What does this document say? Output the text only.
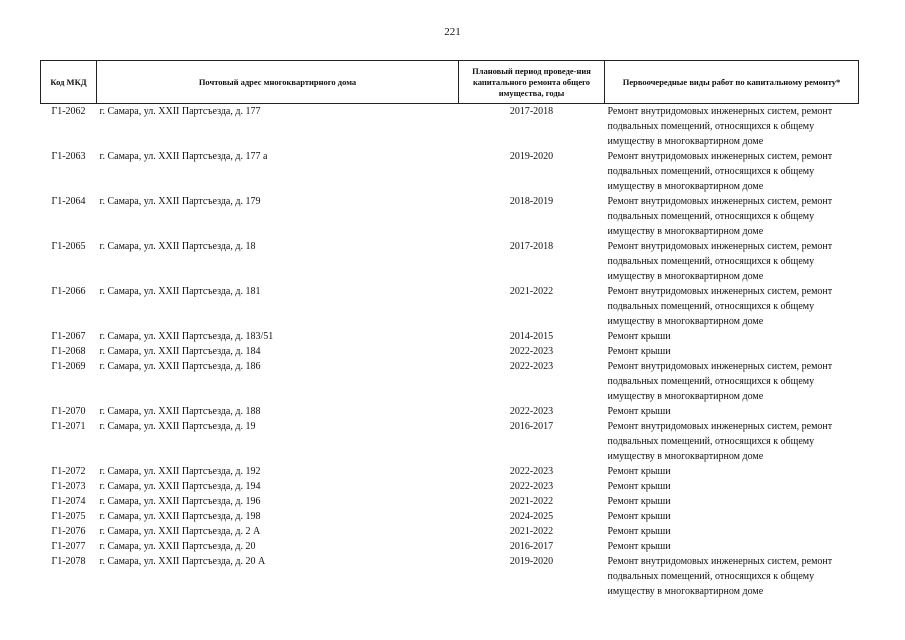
221
Код МКД	Почтовый адрес многоквартирного дома	Плановый период проведе-ния капитального ремонта общего имущества, годы	Первоочередные виды работ по капитальному ремонту*
Г1-2062	г. Самара, ул. XXII Партсъезда, д. 177	2017-2018	Ремонт внутридомовых инженерных систем, ремонт подвальных помещений, относящихся к общему имуществу в многоквартирном доме
Г1-2063	г. Самара, ул. XXII Партсъезда, д. 177 а	2019-2020	Ремонт внутридомовых инженерных систем, ремонт подвальных помещений, относящихся к общему имуществу в многоквартирном доме
Г1-2064	г. Самара, ул. XXII Партсъезда, д. 179	2018-2019	Ремонт внутридомовых инженерных систем, ремонт подвальных помещений, относящихся к общему имуществу в многоквартирном доме
Г1-2065	г. Самара, ул. XXII Партсъезда, д. 18	2017-2018	Ремонт внутридомовых инженерных систем, ремонт подвальных помещений, относящихся к общему имуществу в многоквартирном доме
Г1-2066	г. Самара, ул. XXII Партсъезда, д. 181	2021-2022	Ремонт внутридомовых инженерных систем, ремонт подвальных помещений, относящихся к общему имуществу в многоквартирном доме
Г1-2067	г. Самара, ул. XXII Партсъезда, д. 183/51	2014-2015	Ремонт крыши
Г1-2068	г. Самара, ул. XXII Партсъезда, д. 184	2022-2023	Ремонт крыши
Г1-2069	г. Самара, ул. XXII Партсъезда, д. 186	2022-2023	Ремонт внутридомовых инженерных систем, ремонт подвальных помещений, относящихся к общему имуществу в многоквартирном доме
Г1-2070	г. Самара, ул. XXII Партсъезда, д. 188	2022-2023	Ремонт крыши
Г1-2071	г. Самара, ул. XXII Партсъезда, д. 19	2016-2017	Ремонт внутридомовых инженерных систем, ремонт подвальных помещений, относящихся к общему имуществу в многоквартирном доме
Г1-2072	г. Самара, ул. XXII Партсъезда, д. 192	2022-2023	Ремонт крыши
Г1-2073	г. Самара, ул. XXII Партсъезда, д. 194	2022-2023	Ремонт крыши
Г1-2074	г. Самара, ул. XXII Партсъезда, д. 196	2021-2022	Ремонт крыши
Г1-2075	г. Самара, ул. XXII Партсъезда, д. 198	2024-2025	Ремонт крыши
Г1-2076	г. Самара, ул. XXII Партсъезда, д. 2 А	2021-2022	Ремонт крыши
Г1-2077	г. Самара, ул. XXII Партсъезда, д. 20	2016-2017	Ремонт крыши
Г1-2078	г. Самара, ул. XXII Партсъезда, д. 20 А	2019-2020	Ремонт внутридомовых инженерных систем, ремонт подвальных помещений, относящихся к общему имуществу в многоквартирном доме
